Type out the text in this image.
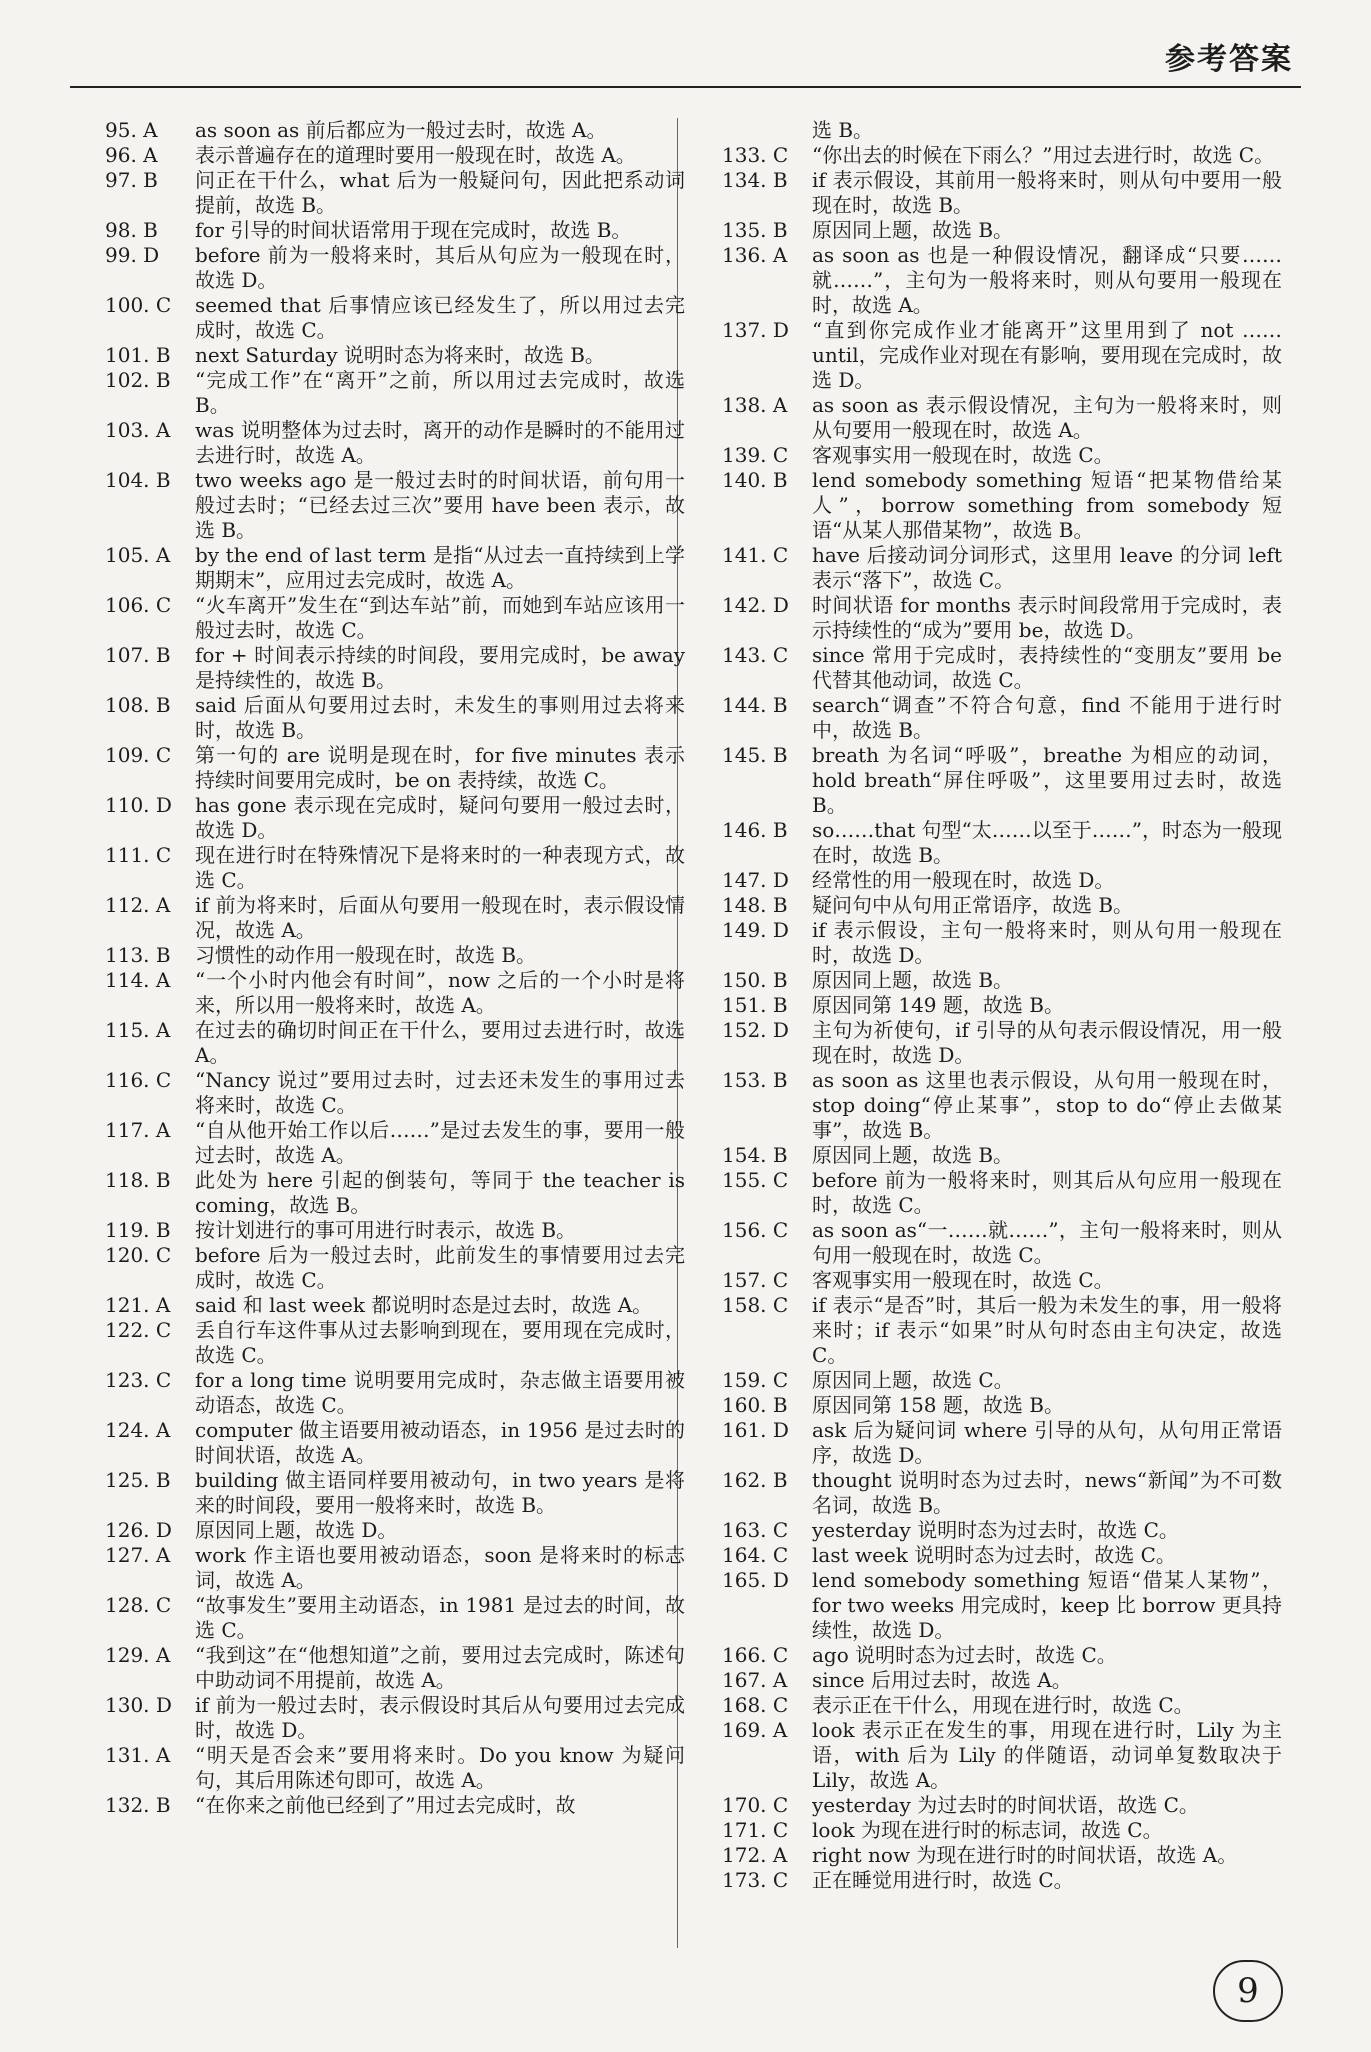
参考答案
95. A	as soon as 前后都应为一般过去时，故选 A。
96. A	表示普遍存在的道理时要用一般现在时，故选 A。
97. B	问正在干什么，what 后为一般疑问句，因此把系动词提前，故选 B。
98. B	for 引导的时间状语常用于现在完成时，故选 B。
99. D	before 前为一般将来时，其后从句应为一般现在时，故选 D。
100. C	seemed that 后事情应该已经发生了，所以用过去完成时，故选 C。
101. B	next Saturday 说明时态为将来时，故选 B。
102. B	“完成工作”在“离开”之前，所以用过去完成时，故选 B。
103. A	was 说明整体为过去时，离开的动作是瞬时的不能用过去进行时，故选 A。
104. B	two weeks ago 是一般过去时的时间状语，前句用一般过去时；“已经去过三次”要用 have been 表示，故选 B。
105. A	by the end of last term 是指“从过去一直持续到上学期期末”，应用过去完成时，故选 A。
106. C	“火车离开”发生在“到达车站”前，而她到车站应该用一般过去时，故选 C。
107. B	for + 时间表示持续的时间段，要用完成时，be away 是持续性的，故选 B。
108. B	said 后面从句要用过去时，未发生的事则用过去将来时，故选 B。
109. C	第一句的 are 说明是现在时，for five minutes 表示持续时间要用完成时，be on 表持续，故选 C。
110. D	has gone 表示现在完成时，疑问句要用一般过去时，故选 D。
111. C	现在进行时在特殊情况下是将来时的一种表现方式，故选 C。
112. A	if 前为将来时，后面从句要用一般现在时，表示假设情况，故选 A。
113. B	习惯性的动作用一般现在时，故选 B。
114. A	“一个小时内他会有时间”，now 之后的一个小时是将来，所以用一般将来时，故选 A。
115. A	在过去的确切时间正在干什么，要用过去进行时，故选 A。
116. C	“Nancy 说过”要用过去时，过去还未发生的事用过去将来时，故选 C。
117. A	“自从他开始工作以后……”是过去发生的事，要用一般过去时，故选 A。
118. B	此处为 here 引起的倒装句，等同于 the teacher is coming，故选 B。
119. B	按计划进行的事可用进行时表示，故选 B。
120. C	before 后为一般过去时，此前发生的事情要用过去完成时，故选 C。
121. A	said 和 last week 都说明时态是过去时，故选 A。
122. C	丢自行车这件事从过去影响到现在，要用现在完成时，故选 C。
123. C	for a long time 说明要用完成时，杂志做主语要用被动语态，故选 C。
124. A	computer 做主语要用被动语态，in 1956 是过去时的时间状语，故选 A。
125. B	building 做主语同样要用被动句，in two years 是将来的时间段，要用一般将来时，故选 B。
126. D	原因同上题，故选 D。
127. A	work 作主语也要用被动语态，soon 是将来时的标志词，故选 A。
128. C	“故事发生”要用主动语态，in 1981 是过去的时间，故选 C。
129. A	“我到这”在“他想知道”之前，要用过去完成时，陈述句中助动词不用提前，故选 A。
130. D	if 前为一般过去时，表示假设时其后从句要用过去完成时，故选 D。
131. A	“明天是否会来”要用将来时。Do you know 为疑问句，其后用陈述句即可，故选 A。
132. B	“在你来之前他已经到了”用过去完成时，故
选 B。
133. C	“你出去的时候在下雨么？”用过去进行时，故选 C。
134. B	if 表示假设，其前用一般将来时，则从句中要用一般现在时，故选 B。
135. B	原因同上题，故选 B。
136. A	as soon as 也是一种假设情况，翻译成“只要……就……”，主句为一般将来时，则从句要用一般现在时，故选 A。
137. D	“直到你完成作业才能离开”这里用到了 not ……until，完成作业对现在有影响，要用现在完成时，故选 D。
138. A	as soon as 表示假设情况，主句为一般将来时，则从句要用一般现在时，故选 A。
139. C	客观事实用一般现在时，故选 C。
140. B	lend somebody something 短语“把某物借给某人”，borrow something from somebody 短语“从某人那借某物”，故选 B。
141. C	have 后接动词分词形式，这里用 leave 的分词 left 表示“落下”，故选 C。
142. D	时间状语 for months 表示时间段常用于完成时，表示持续性的“成为”要用 be，故选 D。
143. C	since 常用于完成时，表持续性的“变朋友”要用 be 代替其他动词，故选 C。
144. B	search“调查”不符合句意，find 不能用于进行时中，故选 B。
145. B	breath 为名词“呼吸”，breathe 为相应的动词，hold breath“屏住呼吸”，这里要用过去时，故选 B。
146. B	so……that 句型“太……以至于……”，时态为一般现在时，故选 B。
147. D	经常性的用一般现在时，故选 D。
148. B	疑问句中从句用正常语序，故选 B。
149. D	if 表示假设，主句一般将来时，则从句用一般现在时，故选 D。
150. B	原因同上题，故选 B。
151. B	原因同第 149 题，故选 B。
152. D	主句为祈使句，if 引导的从句表示假设情况，用一般现在时，故选 D。
153. B	as soon as 这里也表示假设，从句用一般现在时，stop doing“停止某事”，stop to do“停止去做某事”，故选 B。
154. B	原因同上题，故选 B。
155. C	before 前为一般将来时，则其后从句应用一般现在时，故选 C。
156. C	as soon as“一……就……”，主句一般将来时，则从句用一般现在时，故选 C。
157. C	客观事实用一般现在时，故选 C。
158. C	if 表示“是否”时，其后一般为未发生的事，用一般将来时；if 表示“如果”时从句时态由主句决定，故选 C。
159. C	原因同上题，故选 C。
160. B	原因同第 158 题，故选 B。
161. D	ask 后为疑问词 where 引导的从句，从句用正常语序，故选 D。
162. B	thought 说明时态为过去时，news“新闻”为不可数名词，故选 B。
163. C	yesterday 说明时态为过去时，故选 C。
164. C	last week 说明时态为过去时，故选 C。
165. D	lend somebody something 短语“借某人某物”，for two weeks 用完成时，keep 比 borrow 更具持续性，故选 D。
166. C	ago 说明时态为过去时，故选 C。
167. A	since 后用过去时，故选 A。
168. C	表示正在干什么，用现在进行时，故选 C。
169. A	look 表示正在发生的事，用现在进行时，Lily 为主语，with 后为 Lily 的伴随语，动词单复数取决于 Lily，故选 A。
170. C	yesterday 为过去时的时间状语，故选 C。
171. C	look 为现在进行时的标志词，故选 C。
172. A	right now 为现在进行时的时间状语，故选 A。
173. C	正在睡觉用进行时，故选 C。
9
